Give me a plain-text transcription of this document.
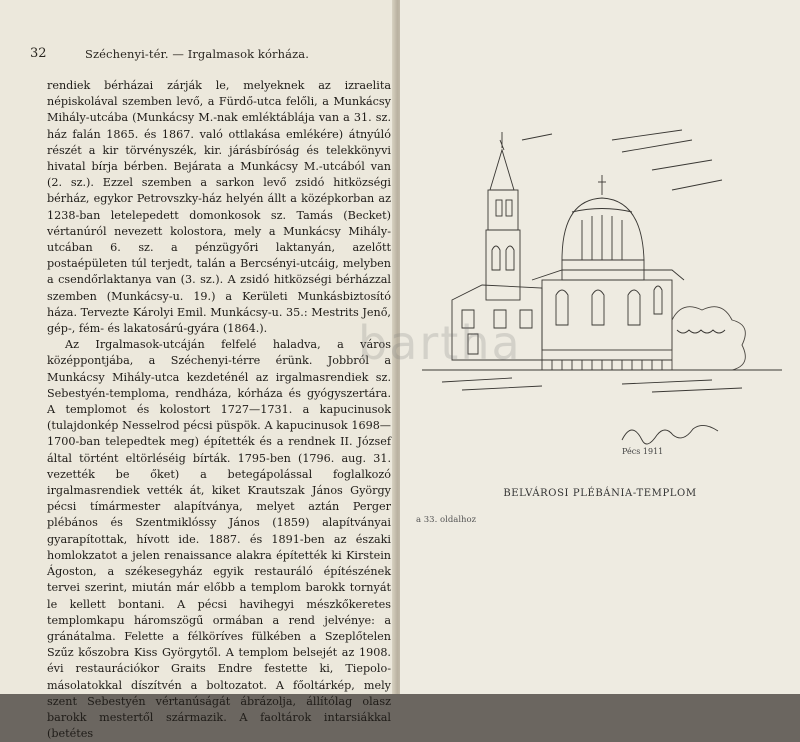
32	Széchenyi-tér. — Irgalmasok kórháza.

rendiek bérházai zárják le, melyeknek az izraelita népiskolával szemben levő, a Fürdő-utca felőli, a Munkácsy Mihály-utcába (Munkácsy M.-nak emléktáblája van a 31. sz. ház falán 1865. és 1867. való ottlakása emlékére) átnyúló részét a kir törvényszék, kir. járásbíróság és telekkönyvi hivatal bírja bérben. Bejárata a Munkácsy M.-utcából van (2. sz.). Ezzel szemben a sarkon levő zsidó hitközségi bérház, egykor Petrovszky-ház helyén állt a középkorban az 1238-ban letelepedett domonkosok sz. Tamás (Becket) vértanúról nevezett kolostora, mely a Munkácsy Mihály-utcában 6. sz. a pénzügyőri laktanyán, azelőtt postaépületen túl terjedt, talán a Bercsényi-utcáig, melyben a csendőrlaktanya van (3. sz.). A zsidó hitközségi bérházzal szemben (Munkácsy-u. 19.) a Kerületi Munkásbiztosító háza. Tervezte Károlyi Emil. Munkácsy-u. 35.: Mestrits Jenő, gép-, fém- és lakatosárú-gyára (1864.).

Az Irgalmasok-utcáján felfelé haladva, a város középpontjába, a Széchenyi-térre érünk. Jobbról a Munkácsy Mihály-utca kezdeténél az irgalmasrendiek sz. Sebestyén-temploma, rendháza, kórháza és gyógyszertára. A templomot és kolostort 1727—1731. a kapucinusok (tulajdonkép Nesselrod pécsi püspök. A kapucinusok 1698—1700-ban telepedtek meg) építették és a rendnek II. József által történt eltörléséig bírták. 1795-ben (1796. aug. 31. vezették be őket) a betegápolással foglalkozó irgalmasrendiek vették át, kiket Krautszak János György pécsi tímármester alapítványa, melyet aztán Perger plébános és Szentmiklóssy János (1859) alapítványai gyarapítottak, hívott ide. 1887. és 1891-ben az északi homlokzatot a jelen renaissance alakra építették ki Kirstein Ágoston, a székesegyház egyik restauráló építészének tervei szerint, miután már előbb a templom barokk tornyát le kellett bontani. A pécsi havihegyi mészkőkeretes templomkapu háromszögű ormában a rend jelvénye: a gránátalma. Felette a félköríves fülkében a Szeplőtelen Szűz kőszobra Kiss Györgytől. A templom belsejét az 1908. évi restaurációkor Graits Endre festette ki, Tiepolo-másolatokkal díszítvén a boltozatot. A főoltárkép, mely szent Sebestyén vértanúságát ábrázolja, állítólag olasz barokk mestertől származik. A faoltárok intarsiákkal (betétes

Pécs 1911
BELVÁROSI PLÉBÁNIA-TEMPLOM
a 33. oldalhoz
bartha
